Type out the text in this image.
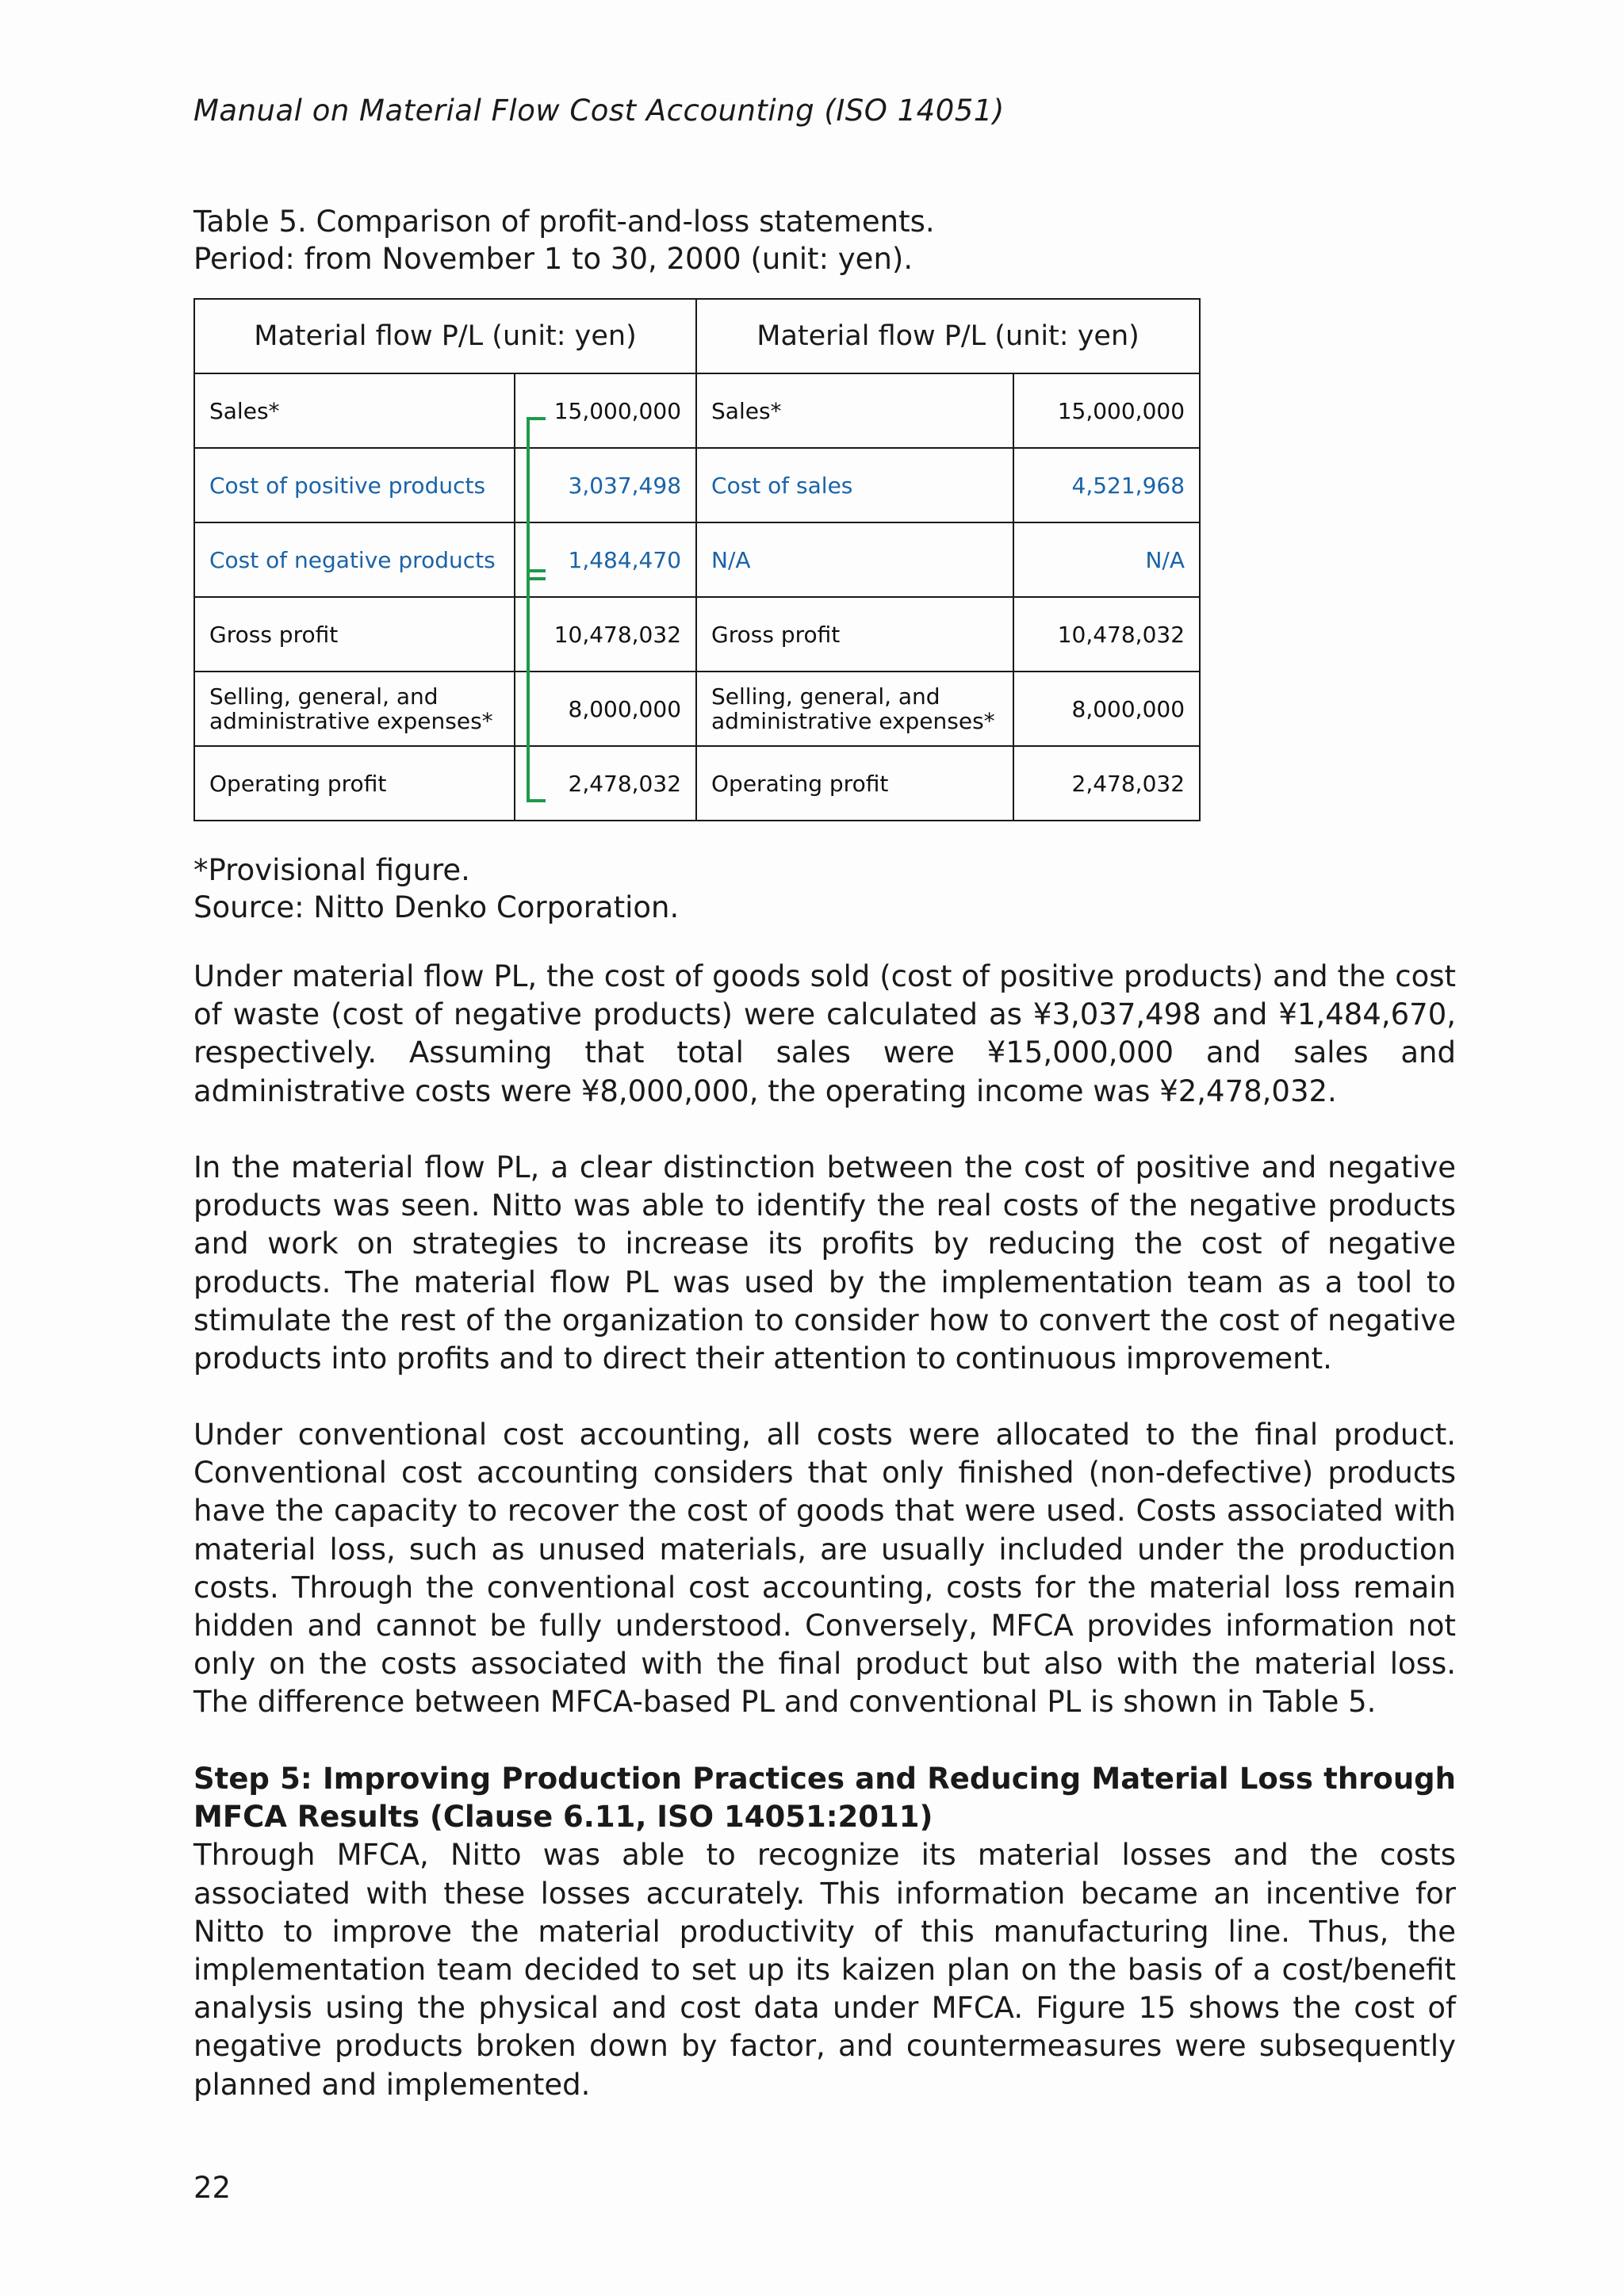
Manual on Material Flow Cost Accounting (ISO 14051)
Table 5. Comparison of profit-and-loss statements.
Period: from November 1 to 30, 2000 (unit: yen).
Material flow P/L (unit: yen)		Material flow P/L (unit: yen)	
Sales*	15,000,000	Sales*	15,000,000
Cost of positive products	3,037,498	Cost of sales	4,521,968
Cost of negative products	1,484,470	N/A	N/A
Gross profit	10,478,032	Gross profit	10,478,032
Selling, general, and administrative expenses*	8,000,000	Selling, general, and administrative expenses*	8,000,000
Operating profit	2,478,032	Operating profit	2,478,032
*Provisional figure.
Source: Nitto Denko Corporation.

Under material flow PL, the cost of goods sold (cost of positive products) and the cost of waste (cost of negative products) were calculated as ¥3,037,498 and ¥1,484,670, respectively. Assuming that total sales were ¥15,000,000 and sales and administrative costs were ¥8,000,000, the operating income was ¥2,478,032.

In the material flow PL, a clear distinction between the cost of positive and negative products was seen. Nitto was able to identify the real costs of the negative products and work on strategies to increase its profits by reducing the cost of negative products. The material flow PL was used by the implementation team as a tool to stimulate the rest of the organization to consider how to convert the cost of negative products into profits and to direct their attention to continuous improvement.

Under conventional cost accounting, all costs were allocated to the final product. Conventional cost accounting considers that only finished (non-defective) products have the capacity to recover the cost of goods that were used. Costs associated with material loss, such as unused materials, are usually included under the production costs. Through the conventional cost accounting, costs for the material loss remain hidden and cannot be fully understood. Conversely, MFCA provides information not only on the costs associated with the final product but also with the material loss. The difference between MFCA-based PL and conventional PL is shown in Table 5.

Step 5: Improving Production Practices and Reducing Material Loss through MFCA Results (Clause 6.11, ISO 14051:2011)
Through MFCA, Nitto was able to recognize its material losses and the costs associated with these losses accurately. This information became an incentive for Nitto to improve the material productivity of this manufacturing line. Thus, the implementation team decided to set up its kaizen plan on the basis of a cost/benefit analysis using the physical and cost data under MFCA. Figure 15 shows the cost of negative products broken down by factor, and countermeasures were subsequently planned and implemented.
22
